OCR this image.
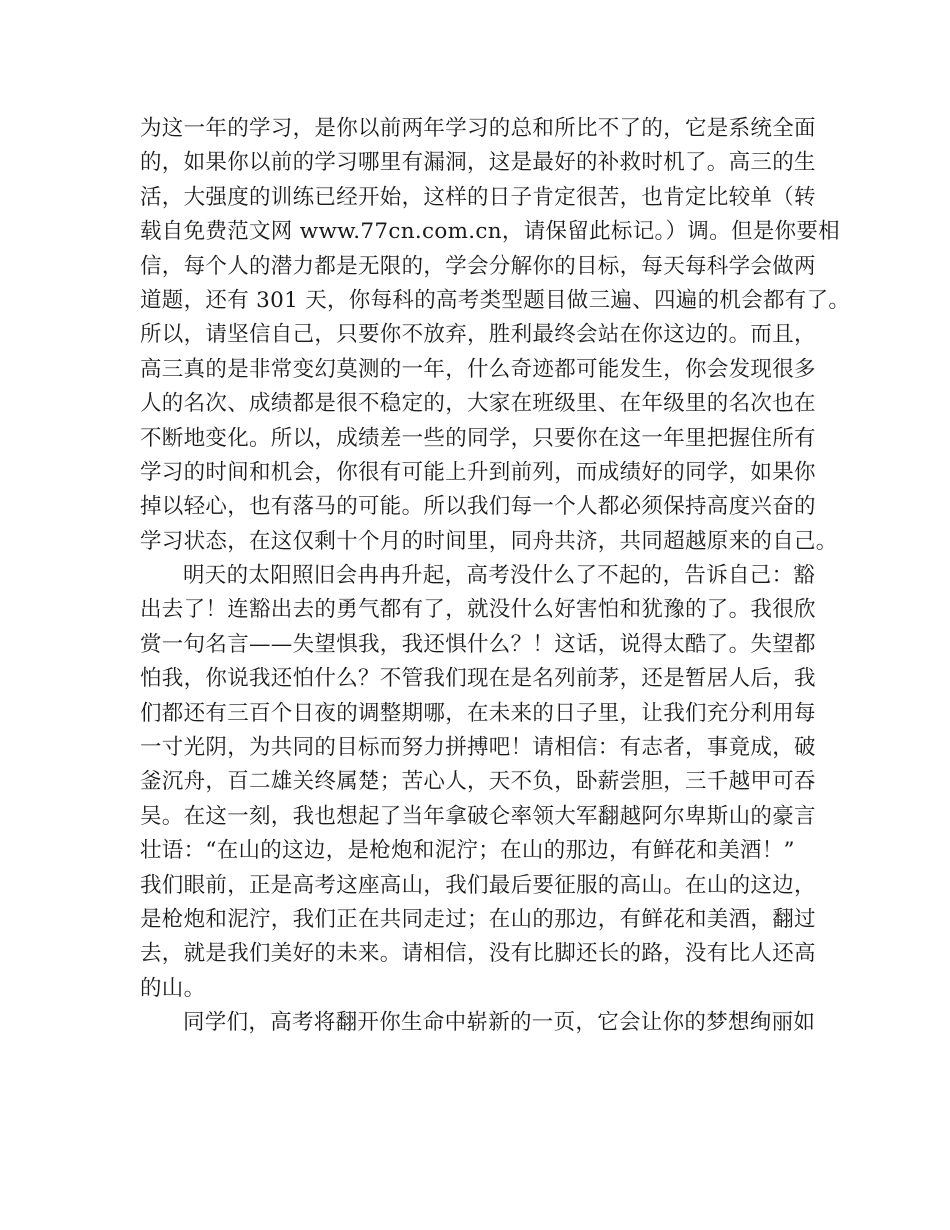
为这一年的学习，是你以前两年学习的总和所比不了的，它是系统全面
的，如果你以前的学习哪里有漏洞，这是最好的补救时机了。高三的生
活，大强度的训练已经开始，这样的日子肯定很苦，也肯定比较单（转
载自免费范文网 www.77cn.com.cn，请保留此标记。）调。但是你要相
信，每个人的潜力都是无限的，学会分解你的目标，每天每科学会做两
道题，还有 301 天，你每科的高考类型题目做三遍、四遍的机会都有了。
所以，请坚信自己，只要你不放弃，胜利最终会站在你这边的。而且，
高三真的是非常变幻莫测的一年，什么奇迹都可能发生，你会发现很多
人的名次、成绩都是很不稳定的，大家在班级里、在年级里的名次也在
不断地变化。所以，成绩差一些的同学，只要你在这一年里把握住所有
学习的时间和机会，你很有可能上升到前列，而成绩好的同学，如果你
掉以轻心，也有落马的可能。所以我们每一个人都必须保持高度兴奋的
学习状态，在这仅剩十个月的时间里，同舟共济，共同超越原来的自己。
明天的太阳照旧会冉冉升起，高考没什么了不起的，告诉自己：豁
出去了！连豁出去的勇气都有了，就没什么好害怕和犹豫的了。我很欣
赏一句名言——失望惧我，我还惧什么？！这话，说得太酷了。失望都
怕我，你说我还怕什么？不管我们现在是名列前茅，还是暂居人后，我
们都还有三百个日夜的调整期哪，在未来的日子里，让我们充分利用每
一寸光阴，为共同的目标而努力拼搏吧！请相信：有志者，事竟成，破
釜沉舟，百二雄关终属楚；苦心人，天不负，卧薪尝胆，三千越甲可吞
吴。在这一刻，我也想起了当年拿破仑率领大军翻越阿尔卑斯山的豪言
壮语：“在山的这边，是枪炮和泥泞；在山的那边，有鲜花和美酒！”
我们眼前，正是高考这座高山，我们最后要征服的高山。在山的这边，
是枪炮和泥泞，我们正在共同走过；在山的那边，有鲜花和美酒，翻过
去，就是我们美好的未来。请相信，没有比脚还长的路，没有比人还高
的山。
同学们，高考将翻开你生命中崭新的一页，它会让你的梦想绚丽如
